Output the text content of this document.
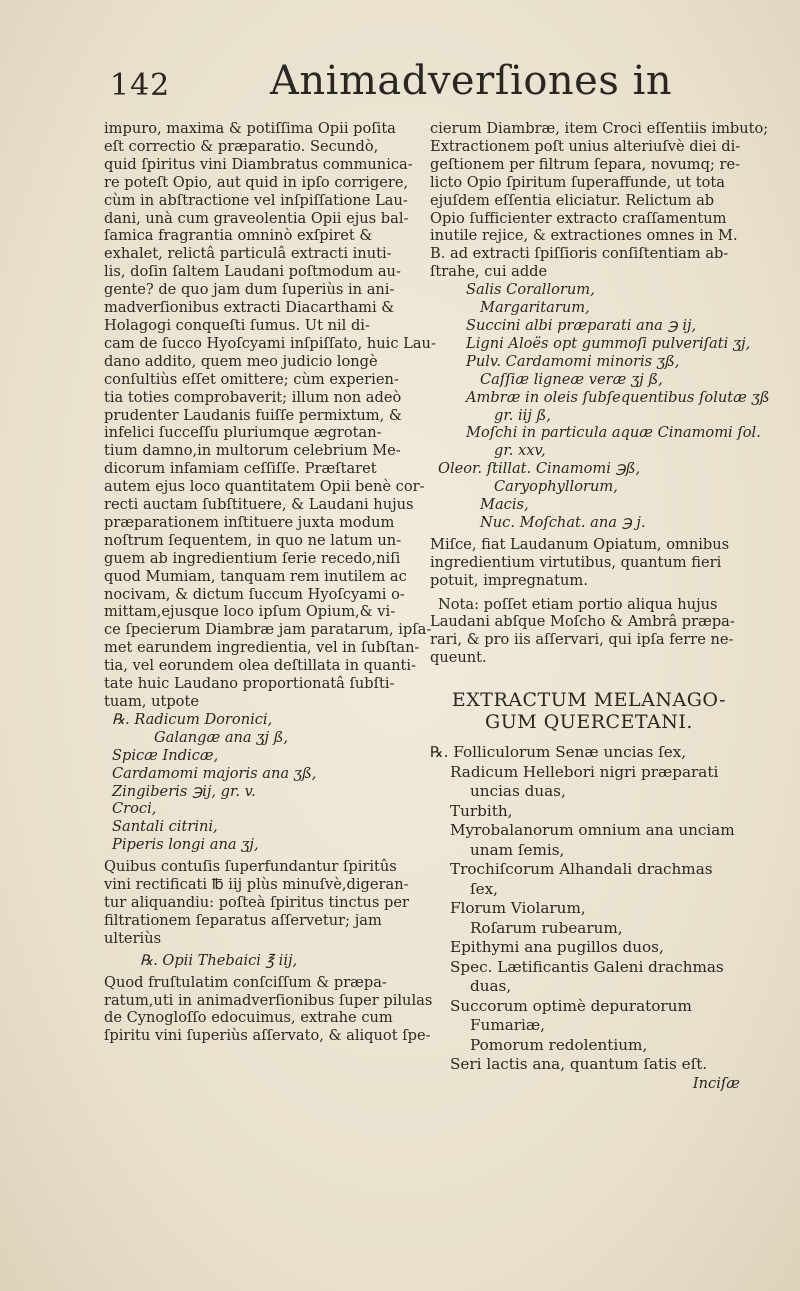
142 Animadverſiones in
impuro, maxima & potiſſima Opii poſita
eſt correctio & præparatio. Secundò,
quid ſpiritus vini Diambratus communica-
re poteſt Opio, aut quid in ipſo corrigere,
cùm in abſtractione vel inſpiſſatione Lau-
dani, unà cum graveolentia Opii ejus bal-
ſamica fragrantia omninò exſpiret &
exhalet, relictâ particulâ extracti inuti-
lis, doſin ſaltem Laudani poſtmodum au-
gente? de quo jam dum ſuperiùs in ani-
madverſionibus extracti Diacarthami &
Holagogi conqueſti ſumus. Ut nil di-
cam de ſucco Hyoſcyami inſpiſſato, huic Lau-
dano addito, quem meo judicio longè
conſultiùs eſſet omittere; cùm experien-
tia toties comprobaverit; illum non adeò
prudenter Laudanis fuiſſe permixtum, &
infelici ſucceſſu pluriumque ægrotan-
tium damno,in multorum celebrium Me-
dicorum infamiam ceſſiſſe. Præſtaret
autem ejus loco quantitatem Opii benè cor-
recti auctam ſubſtituere, & Laudani hujus
præparationem inſtituere juxta modum
noſtrum ſequentem, in quo ne latum un-
guem ab ingredientium ſerie recedo,niſi
quod Mumiam, tanquam rem inutilem ac
nocivam, & dictum ſuccum Hyoſcyami o-
mittam,ejusque loco ipſum Opium,& vi-
ce ſpecierum Diambræ jam paratarum, ipſa-
met earundem ingredientia, vel in ſubſtan-
tia, vel eorundem olea deſtillata in quanti-
tate huic Laudano proportionatâ ſubſti-
tuam, utpote
℞. Radicum Doronici,
Galangæ ana ʒj ß,
Spicæ Indicæ,
Cardamomi majoris ana ʒß,
Zingiberis ℈ij, gr. v.
Croci,
Santali citrini,
Piperis longi ana ʒj,
Quibus contuſis ſuperfundantur ſpiritûs
vini rectificati ℔ iij plùs minuſvè,digeran-
tur aliquandiu: poſteà ſpiritus tinctus per
filtrationem ſeparatus aſſervetur; jam
ulteriùs
℞. Opii Thebaici ℥ iij,
Quod fruſtulatim conſciſſum & præpa-
ratum,uti in animadverſionibus ſuper pilulas
de Cynogloſſo edocuimus, extrahe cum
ſpiritu vini ſuperiùs aſſervato, & aliquot ſpe-
cierum Diambræ, item Croci eſſentiis imbuto;
Extractionem poſt unius alteriuſvè diei di-
geſtionem per filtrum ſepara, novumq; re-
licto Opio ſpiritum ſuperaffunde, ut tota
ejuſdem eſſentia eliciatur. Relictum ab
Opio ſufficienter extracto craſſamentum
inutile rejice, & extractiones omnes in M.
B. ad extracti ſpiſſioris conſiſtentiam ab-
ſtrahe, cui adde
Salis Corallorum,
Margaritarum,
Succini albi præparati ana ℈ ij,
Ligni Aloës opt gummoſi pulveriſati ʒj,
Pulv. Cardamomi minoris ʒß,
Caſſiæ ligneæ veræ ʒj ß,
Ambræ in oleis ſubſequentibus ſolutæ ʒß
gr. iij ß,
Moſchi in particula aquæ Cinamomi ſol.
gr. xxv,
Oleor. ſtillat. Cinamomi ℈ß,
Caryophyllorum,
Macis,
Nuc. Moſchat. ana ℈ j.
Miſce, fiat Laudanum Opiatum, omnibus
ingredientium virtutibus, quantum fieri
potuit, impregnatum.
Nota: poſſet etiam portio aliqua hujus
Laudani abſque Moſcho & Ambrâ præpa-
rari, & pro iis aſſervari, qui ipſa ferre ne-
queunt.
EXTRACTUM MELANAGO-
GUM QUERCETANI.
℞. Folliculorum Senæ uncias ſex,
Radicum Hellebori nigri præparati
uncias duas,
Turbith,
Myrobalanorum omnium ana unciam
unam ſemis,
Trochiſcorum Alhandali drachmas
ſex,
Florum Violarum,
Roſarum rubearum,
Epithymi ana pugillos duos,
Spec. Lætificantis Galeni drachmas
duas,
Succorum optimè depuratorum
Fumariæ,
Pomorum redolentium,
Seri lactis ana, quantum ſatis eſt.
Inciſæ
